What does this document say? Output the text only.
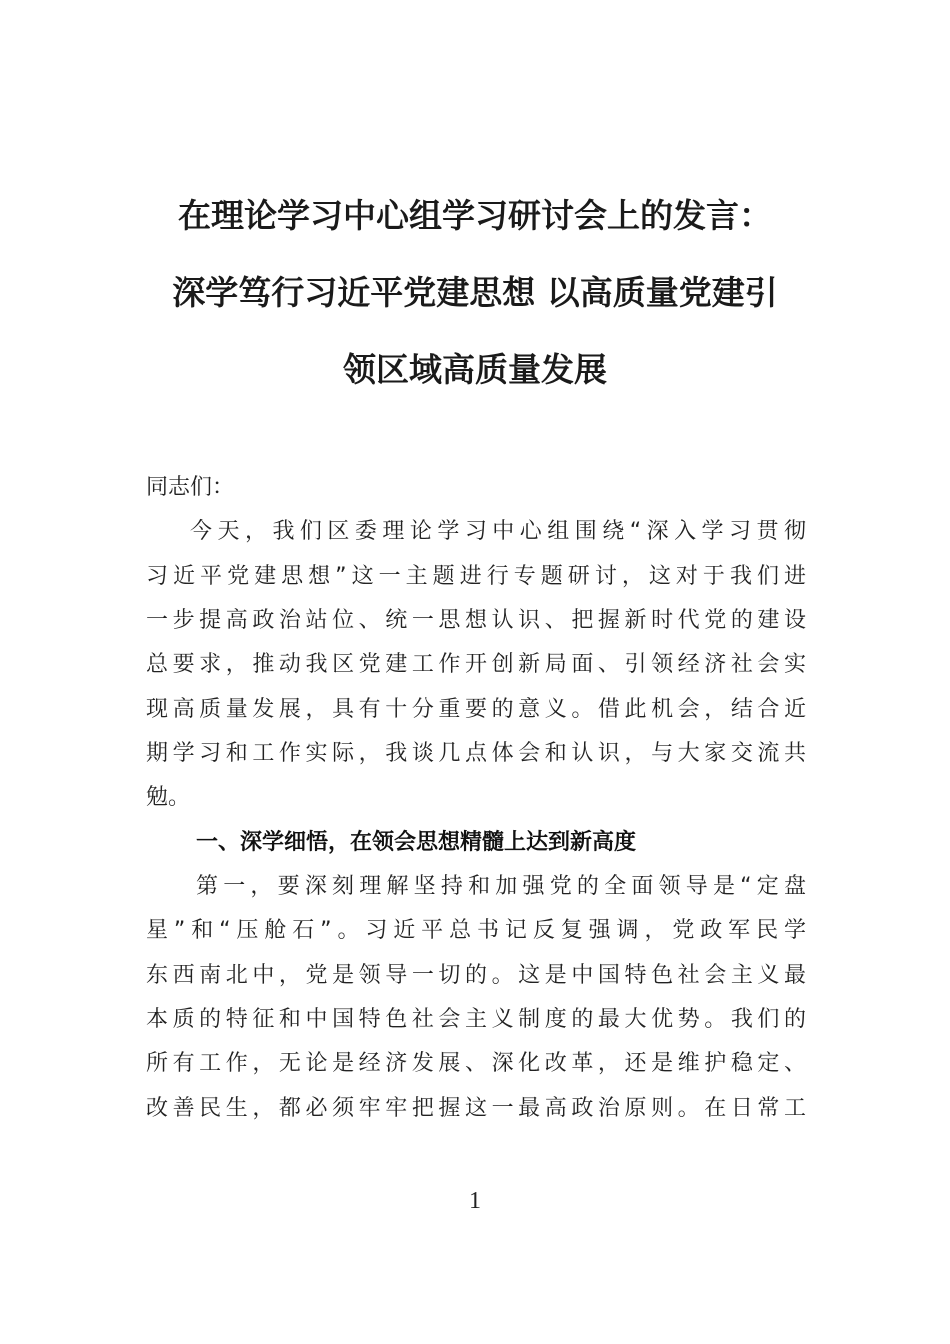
在理论学习中心组学习研讨会上的发言：
深学笃行习近平党建思想 以高质量党建引
领区域高质量发展
同志们：
今天，我们区委理论学习中心组围绕“深入学习贯彻
习近平党建思想”这一主题进行专题研讨，这对于我们进
一步提高政治站位、统一思想认识、把握新时代党的建设
总要求，推动我区党建工作开创新局面、引领经济社会实
现高质量发展，具有十分重要的意义。借此机会，结合近
期学习和工作实际，我谈几点体会和认识，与大家交流共
勉。
一、深学细悟，在领会思想精髓上达到新高度
第一，要深刻理解坚持和加强党的全面领导是“定盘
星”和“压舱石”。习近平总书记反复强调，党政军民学
东西南北中，党是领导一切的。这是中国特色社会主义最
本质的特征和中国特色社会主义制度的最大优势。我们的
所有工作，无论是经济发展、深化改革，还是维护稳定、
改善民生，都必须牢牢把握这一最高政治原则。在日常工
1
